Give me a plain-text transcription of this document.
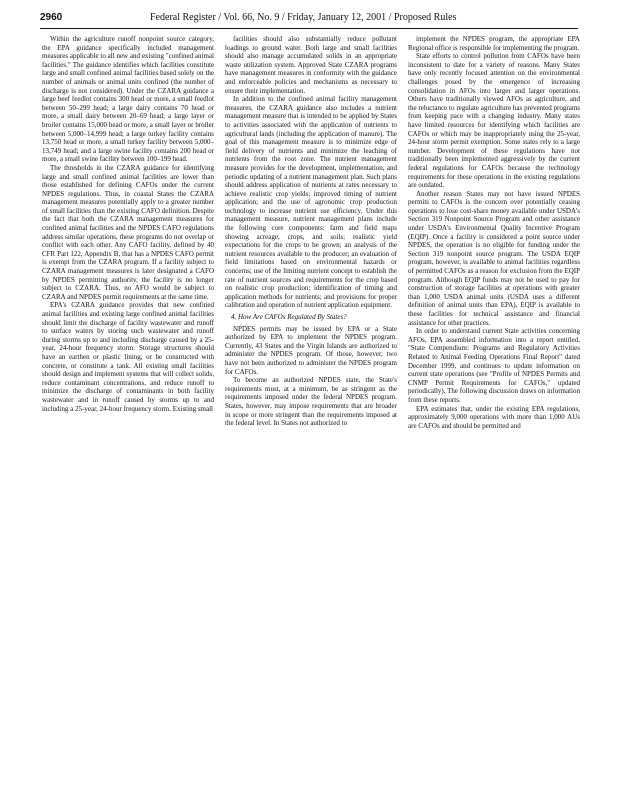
2960	Federal Register / Vol. 66, No. 9 / Friday, January 12, 2001 / Proposed Rules

Within the agriculture runoff nonpoint source category, the EPA guidance specifically included management measures applicable to all new and existing "confined animal facilities." The guidance identifies which facilities constitute large and small confined animal facilities based solely on the number of animals or animal units confined (the number of discharge is not considered). Under the CZARA guidance a large beef feedlot contains 300 head or more, a small feedlot between 50–299 head; a large dairy contains 70 head or more, a small dairy between 20–69 head; a large layer or broiler contains 15,000 head or more, a small layer or broiler between 5,000–14,999 head; a large turkey facility contains 13,750 head or more, a small turkey facility between 5,000–13,749 head; and a large swine facility contains 200 head or more, a small swine facility between 100–199 head.

The thresholds in the CZARA guidance for identifying large and small confined animal facilities are lower than those established for defining CAFOs under the current NPDES regulations. Thus, in coastal States the CZARA management measures potentially apply to a greater number of small facilities than the existing CAFO definition. Despite the fact that both the CZARA management measures for confined animal facilities and the NPDES CAFO regulations address similar operations, these programs do not overlap or conflict with each other. Any CAFO facility, defined by 40 CFR Part 122, Appendix B, that has a NPDES CAFO permit is exempt from the CZARA program. If a facility subject to CZARA management measures is later designated a CAFO by NPDES permitting authority, the facility is no longer subject to CZARA. Thus, no AFO would be subject to CZARA and NPDES permit requirements at the same time.

EPA's CZARA guidance provides that new confined animal facilities and existing large confined animal facilities should limit the discharge of facility wastewater and runoff to surface waters by storing such wastewater and runoff during storms up to and including discharge caused by a 25-year, 24-hour frequency storm. Storage structures should have an earthen or plastic lining, or be constructed with concrete, or constitute a tank. All existing small facilities should design and implement systems that will collect solids, reduce contaminant concentrations, and reduce runoff to minimize the discharge of contaminants in both facility wastewater and in runoff caused by storms up to and including a 25-year, 24-hour frequency storm. Existing small

facilities should also substantially reduce pollutant loadings to ground water. Both large and small facilities should also manage accumulated solids in an appropriate waste utilization system. Approved State CZARA programs have management measures in conformity with the guidance and enforceable policies and mechanisms as necessary to ensure their implementation.

In addition to the confined animal facility management measures, the CZARA guidance also includes a nutrient management measure that is intended to be applied by States to activities associated with the application of nutrients to agricultural lands (including the application of manure). The goal of this management measure is to minimize edge of field delivery of nutrients and minimize the leaching of nutrients from the root zone. The nutrient management measure provides for the development, implementation, and periodic updating of a nutrient management plan. Such plans should address application of nutrients at rates necessary to achieve realistic crop yields; improved timing of nutrient application; and the use of agronomic crop production technology to increase nutrient use efficiency. Under this management measure, nutrient management plans include the following core components: farm and field maps showing acreage, crops, and soils; realistic yield expectations for the crops to be grown; an analysis of the nutrient resources available to the producer; an evaluation of field limitations based on environmental hazards or concerns; use of the limiting nutrient concept to establish the rate of nutrient sources and requirements for the crop based on realistic crop production; identification of timing and application methods for nutrients; and provisions for proper calibration and operation of nutrient application equipment.

4. How Are CAFOs Regulated By States?

NPDES permits may be issued by EPA or a State authorized by EPA to implement the NPDES program. Currently, 43 States and the Virgin Islands are authorized to administer the NPDES program. Of those, however, two have not been authorized to administer the NPDES program for CAFOs.

To become an authorized NPDES state, the State's requirements must, at a minimum, be as stringent as the requirements imposed under the federal NPDES program. States, however, may impose requirements that are broader in scope or more stringent than the requirements imposed at the federal level. In States not authorized to

implement the NPDES program, the appropriate EPA Regional office is responsible for implementing the program.

State efforts to control pollution from CAFOs have been inconsistent to date for a variety of reasons. Many States have only recently focused attention on the environmental challenges posed by the emergence of increasing consolidation in AFOs into larger and larger operations. Others have traditionally viewed AFOs as agriculture, and the reluctance to regulate agriculture has prevented programs from keeping pace with a changing industry. Many states have limited resources for identifying which facilities are CAFOs or which may be inappropriately using the 25-year, 24-hour storm permit exemption. Some states rely to a large number. Development of these regulations have not traditionally been implemented aggressively by the current federal regulations for CAFOs because the technology requirements for these operations in the existing regulations are outdated.

Another reason States may not have issued NPDES permits to CAFOs is the concern over potentially ceasing operations to lose cost-share money available under USDA's Section 319 Nonpoint Source Program and other assistance under USDA's Environmental Quality Incentive Program (EQIP). Once a facility is considered a point source under NPDES, the operation is no eligible for funding under the Section 319 nonpoint source program. The USDA EQIP program, however, is available to animal facilities regardless of permitted CAFOs as a reason for exclusion from the EQIP program. Although EQIP funds may not be used to pay for construction of storage facilities at operations with greater than 1,000 USDA animal units (USDA uses a different definition of animal units than EPA), EQIP is available to these facilities for technical assistance and financial assistance for other practices.

In order to understand current State activities concerning AFOs, EPA assembled information into a report entitled, "State Compendium: Programs and Regulatory Activities Related to Animal Feeding Operations Final Report" dated December 1999, and continues to update information on current state operations (see "Profile of NPDES Permits and CNMP Permit Requirements for CAFOs," updated periodically). The following discussion draws on information from these reports.

EPA estimates that, under the existing EPA regulations, approximately 9,000 operations with more than 1,000 AUs are CAFOs and should be permitted and
